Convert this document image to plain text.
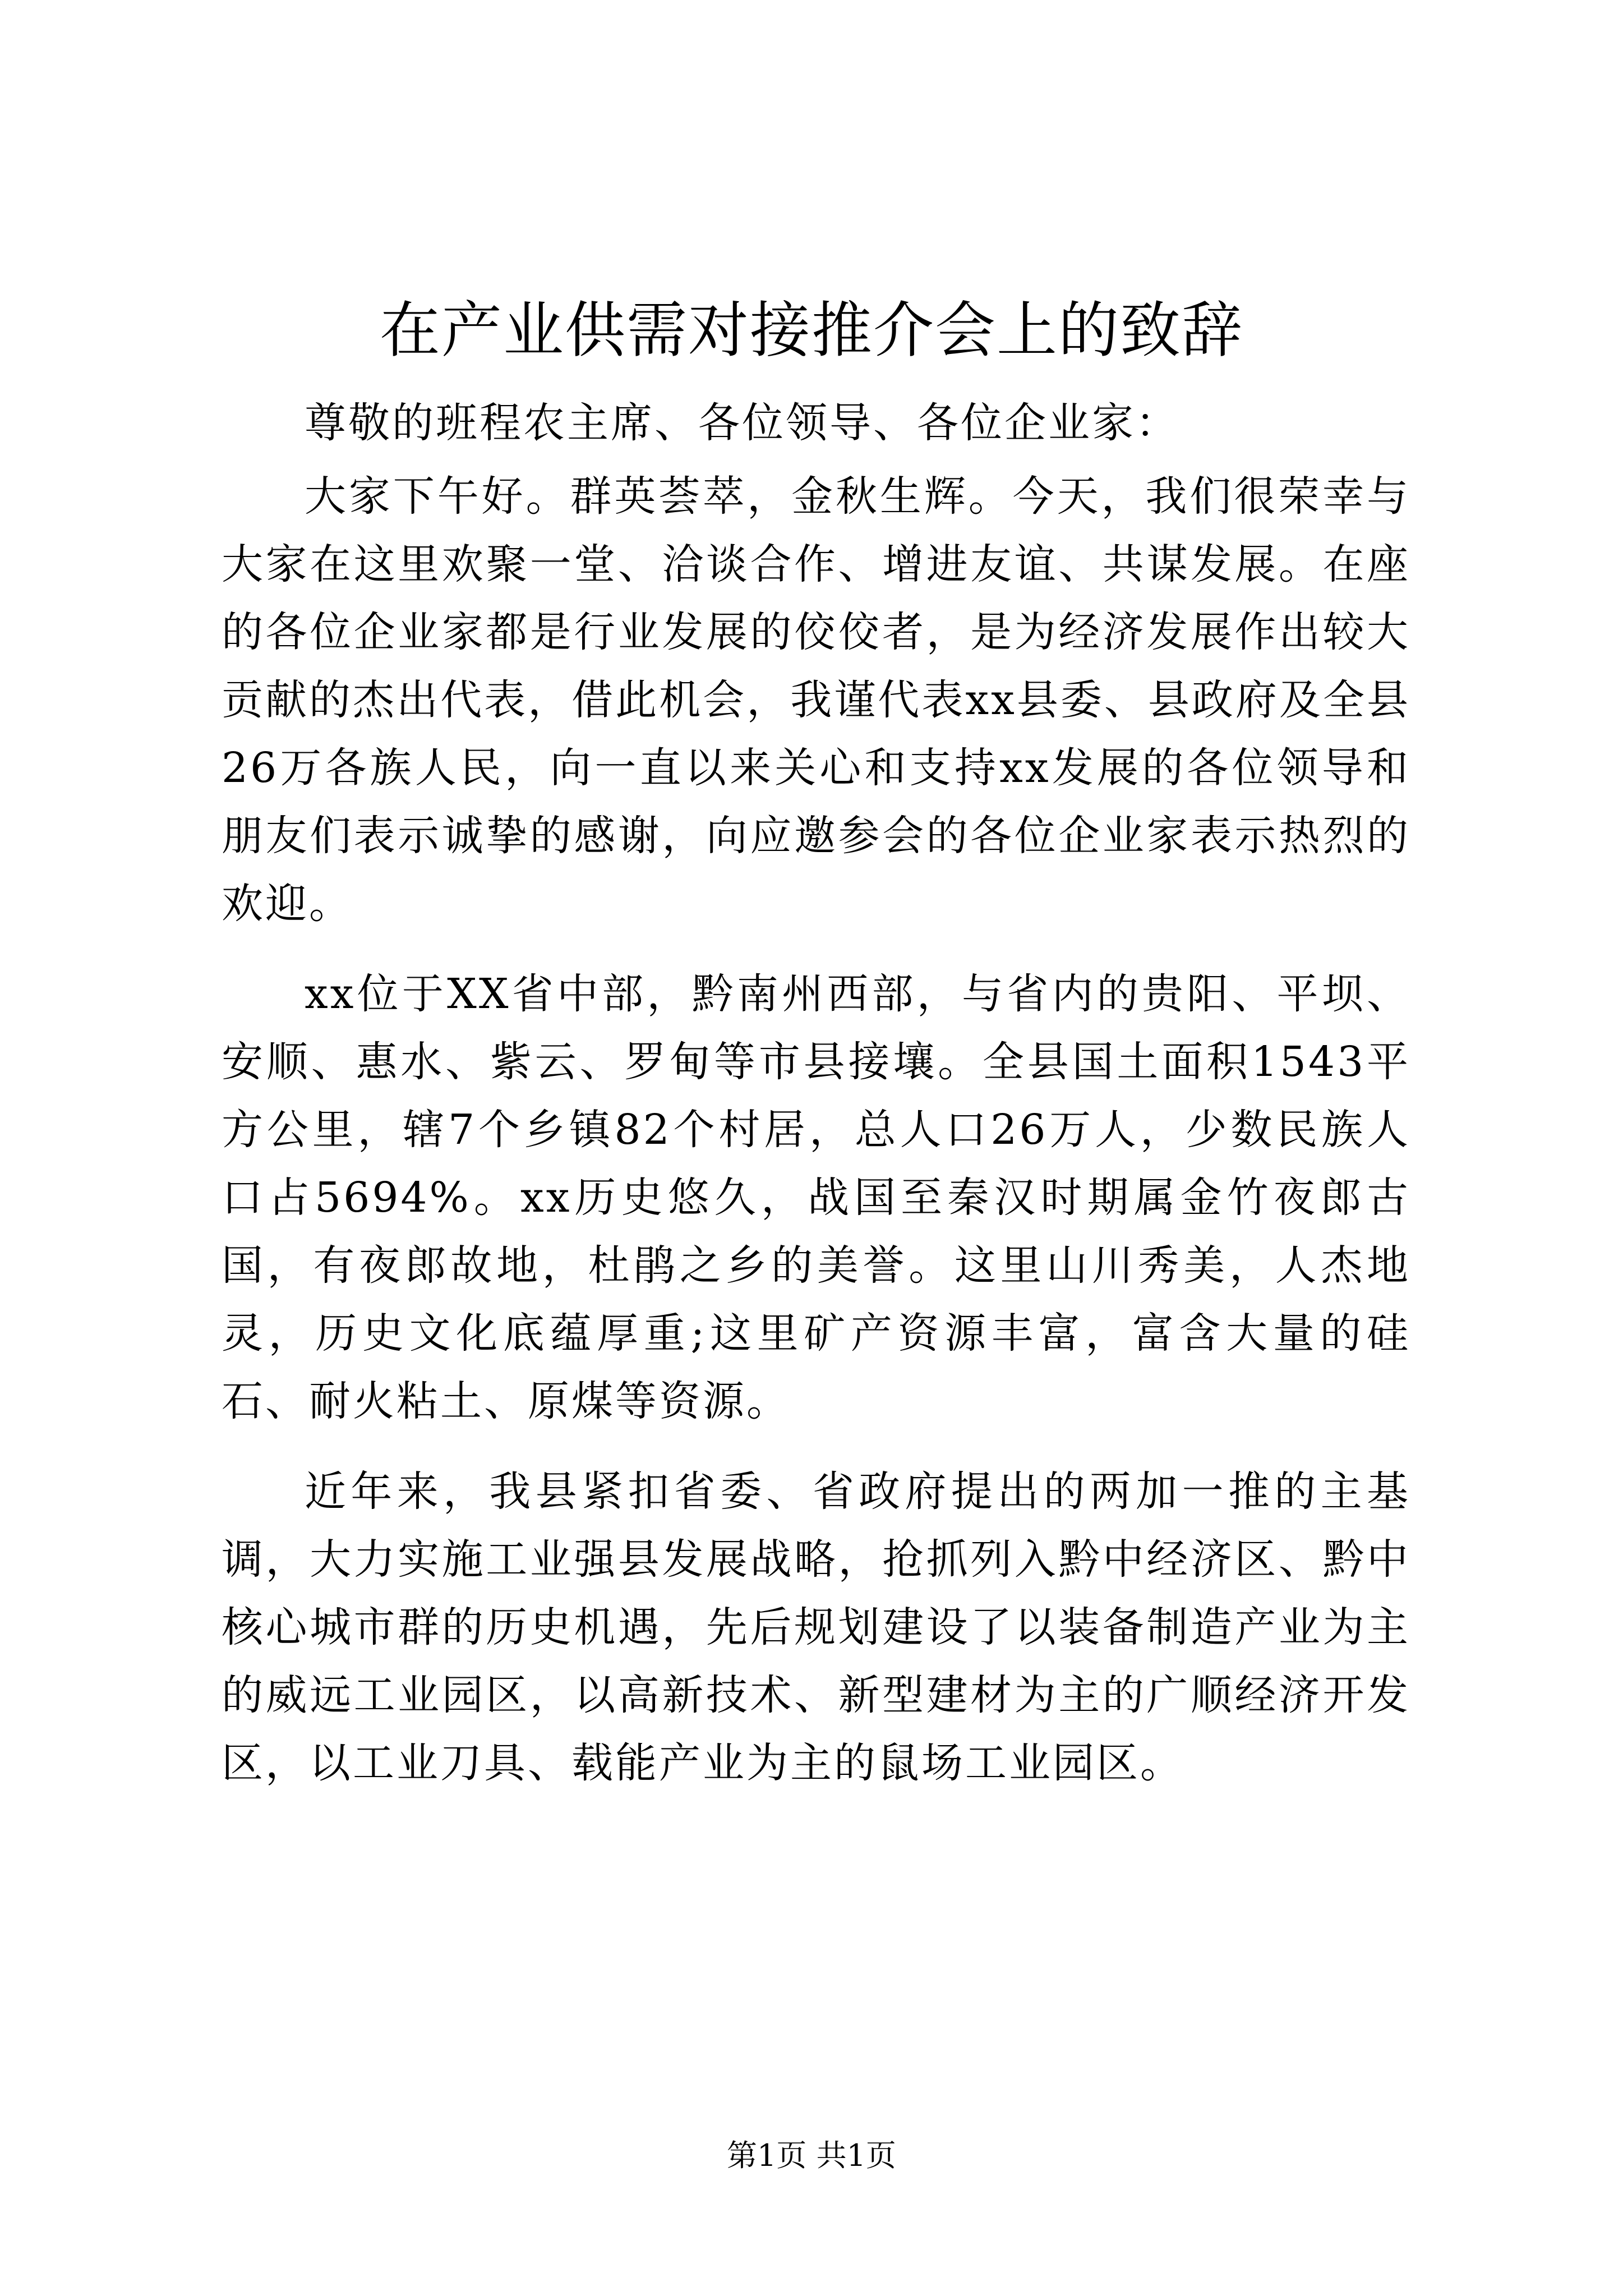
在产业供需对接推介会上的致辞

尊敬的班程农主席、各位领导、各位企业家：

大家下午好。群英荟萃，金秋生辉。今天，我们很荣幸与大家在这里欢聚一堂、洽谈合作、增进友谊、共谋发展。在座的各位企业家都是行业发展的佼佼者，是为经济发展作出较大贡献的杰出代表，借此机会，我谨代表xx县委、县政府及全县26万各族人民，向一直以来关心和支持xx发展的各位领导和朋友们表示诚挚的感谢，向应邀参会的各位企业家表示热烈的欢迎。

xx位于XX省中部，黔南州西部，与省内的贵阳、平坝、安顺、惠水、紫云、罗甸等市县接壤。全县国土面积1543平方公里，辖7个乡镇82个村居，总人口26万人，少数民族人口占5694%。xx历史悠久，战国至秦汉时期属金竹夜郎古国，有夜郎故地，杜鹃之乡的美誉。这里山川秀美，人杰地灵，历史文化底蕴厚重;这里矿产资源丰富，富含大量的硅石、耐火粘土、原煤等资源。

近年来，我县紧扣省委、省政府提出的两加一推的主基调，大力实施工业强县发展战略，抢抓列入黔中经济区、黔中核心城市群的历史机遇，先后规划建设了以装备制造产业为主的威远工业园区，以高新技术、新型建材为主的广顺经济开发区，以工业刀具、载能产业为主的鼠场工业园区。

第1页 共1页
